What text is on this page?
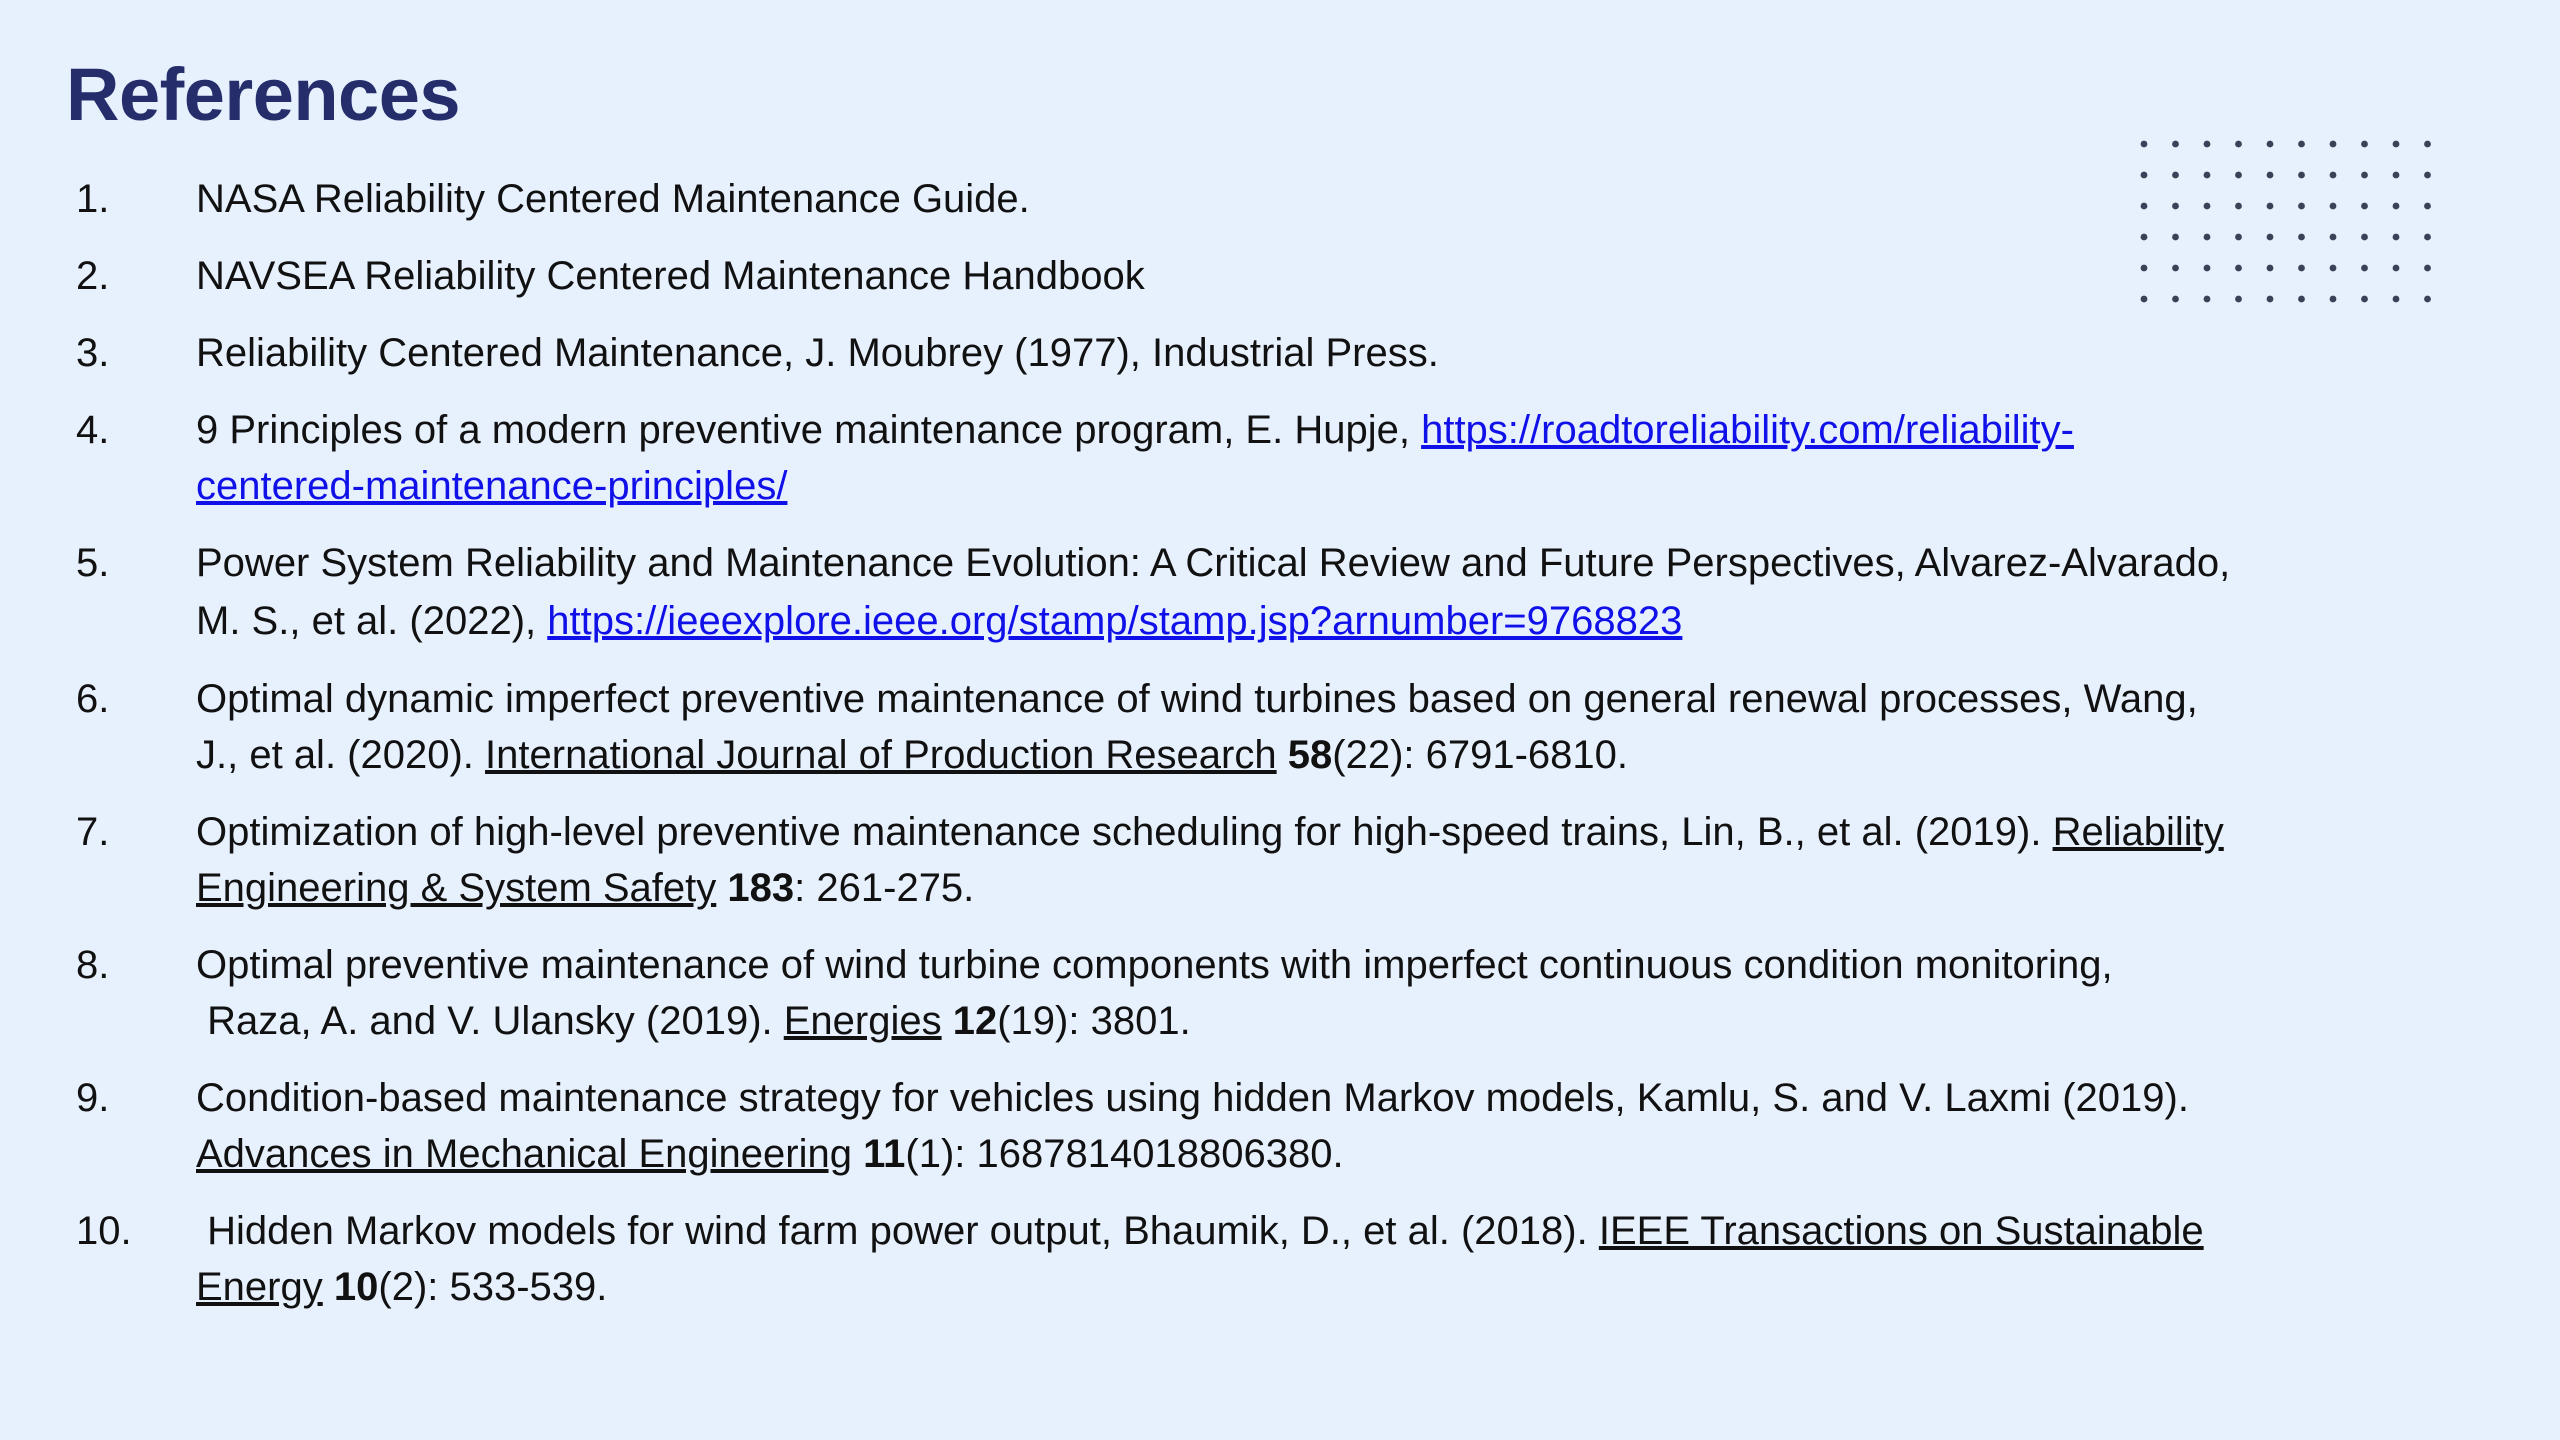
References
1. NASA Reliability Centered Maintenance Guide.
2. NAVSEA Reliability Centered Maintenance Handbook
3. Reliability Centered Maintenance, J. Moubrey (1977), Industrial Press.
4. 9 Principles of a modern preventive maintenance program, E. Hupje, https://roadtoreliability.com/reliability-
centered-maintenance-principles/
5. Power System Reliability and Maintenance Evolution: A Critical Review and Future Perspectives, Alvarez-Alvarado,
M. S., et al. (2022), https://ieeexplore.ieee.org/stamp/stamp.jsp?arnumber=9768823
6. Optimal dynamic imperfect preventive maintenance of wind turbines based on general renewal processes, Wang,
J., et al. (2020). International Journal of Production Research 58(22): 6791-6810.
7. Optimization of high-level preventive maintenance scheduling for high-speed trains, Lin, B., et al. (2019). Reliability
Engineering & System Safety 183: 261-275.
8. Optimal preventive maintenance of wind turbine components with imperfect continuous condition monitoring,
Raza, A. and V. Ulansky (2019). Energies 12(19): 3801.
9. Condition-based maintenance strategy for vehicles using hidden Markov models, Kamlu, S. and V. Laxmi (2019).
Advances in Mechanical Engineering 11(1): 1687814018806380.
10. Hidden Markov models for wind farm power output, Bhaumik, D., et al. (2018). IEEE Transactions on Sustainable
Energy 10(2): 533-539.
